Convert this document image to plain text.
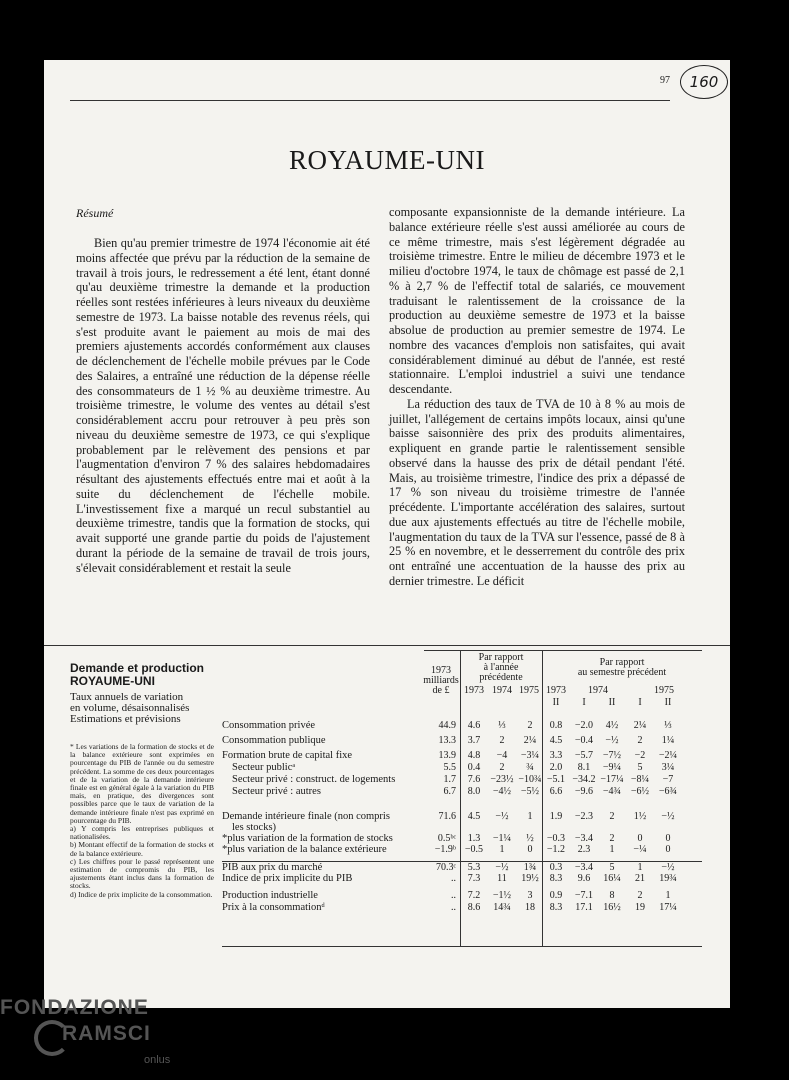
97	160
ROYAUME-UNI
Résumé

Bien qu'au premier trimestre de 1974 l'économie ait été moins affectée que prévu par la réduction de la semaine de travail à trois jours, le redressement a été lent, étant donné qu'au deuxième trimestre la demande et la production réelles sont restées inférieures à leurs niveaux du deuxième semestre de 1973. La baisse notable des revenus réels, qui s'est produite avant le paiement au mois de mai des premiers ajustements accordés conformément aux clauses de déclenchement de l'échelle mobile prévues par le Code des Salaires, a entraîné une réduction de la dépense réelle des consommateurs de 1 ½ % au deuxième trimestre. Au troisième trimestre, le volume des ventes au détail s'est considérablement accru pour retrouver à peu près son niveau du deuxième semestre de 1973, ce qui s'explique probablement par le relèvement des pensions et par l'augmentation d'environ 7 % des salaires hebdomadaires résultant des ajustements effectués entre mai et août à la suite du déclenchement de l'échelle mobile. L'investissement fixe a marqué un recul substantiel au deuxième trimestre, tandis que la formation de stocks, qui avait supporté une grande partie du poids de l'ajustement durant la période de la semaine de travail de trois jours, s'élevait considérablement et restait la seule

composante expansionniste de la demande intérieure. La balance extérieure réelle s'est aussi améliorée au cours de ce même trimestre, mais s'est légèrement dégradée au troisième trimestre. Entre le milieu de décembre 1973 et le milieu d'octobre 1974, le taux de chômage est passé de 2,1 % à 2,7 % de l'effectif total de salariés, ce mouvement traduisant le ralentissement de la croissance de la production au deuxième semestre de 1973 et la baisse absolue de production au premier semestre de 1974. Le nombre des vacances d'emplois non satisfaites, qui avait considérablement diminué au début de l'année, est resté stationnaire. L'emploi industriel a suivi une tendance descendante.

La réduction des taux de TVA de 10 à 8 % au mois de juillet, l'allégement de certains impôts locaux, ainsi qu'une baisse saisonnière des prix des produits alimentaires, expliquent en grande partie le ralentissement sensible observé dans la hausse des prix de détail pendant l'été. Mais, au troisième trimestre, l'indice des prix a dépassé de 17 % son niveau du troisième trimestre de l'année précédente. L'importante accélération des salaires, surtout due aux ajustements effectués au titre de l'échelle mobile, l'augmentation du taux de la TVA sur l'essence, passé de 8 à 25 % en novembre, et le desserrement du contrôle des prix ont entraîné une accentuation de la hausse des prix au dernier trimestre. Le déficit

Demande et production
ROYAUME-UNI
Taux annuels de variation
en volume, désaisonnalisés
Estimations et prévisions

* Les variations de la formation de stocks et de la balance extérieure sont exprimées en pourcentage du PIB de l'année ou du semestre précédent. La somme de ces deux pourcentages et de la variation de la demande intérieure finale est en général égale à la variation du PIB mais, en pratique, des divergences sont possibles parce que le taux de variation de la demande intérieure finale n'est pas exprimé en pourcentage du PIB.

a) Y compris les entreprises publiques et nationalisées.

b) Montant effectif de la formation de stocks et de la balance extérieure.

c) Les chiffres pour le passé représentent une estimation de compromis du PIB, les ajustements étant inclus dans la formation de stocks.

d) Indice de prix implicite de la consommation.

1973
milliards
de £
Par rapport
à l'année
précédente
Par rapport
au semestre précédent
1973 1974 1975 1973	1974	1975
II	I	II	I	II
Consommation privée	44.9	4.6	⅓	2	0.8	−2.0	4½	2¼	⅓
Consommation publique	13.3	3.7	2	2¼	4.5	−0.4	−½	2	1¼
Formation brute de capital fixe	13.9	4.8	−4	−3¼	3.3	−5.7 −7½	−2	−2¼
Secteur publicᵃ	5.5	0.4	2	¾	2.0	8.1	−9¼	5	3¼
Secteur privé : construct. de logements	1.7	7.6	−23½ −10¾ −5.1 −34.2 −17¼ −8¼	−7
Secteur privé : autres	6.7	8.0	−4½ −5½	6.6	−9.6 −4¾ −6½ −6¾
Demande intérieure finale (non compris	71.6	4.5	−½	1	1.9	−2.3	2	1½	−½
les stocks)
*plus variation de la formation de stocks	0.5ᵇᶜ	1.3	−1¼	½	−0.3 −3.4	2	0	0
*plus variation de la balance extérieure	−1.9ᵇ −0.5	1	0	−1.2	2.3	1	−¼	0
PIB aux prix du marché	70.3ᶜ	5.3	−½	1¾	0.3	−3.4	5	1	−½
Indice de prix implicite du PIB	..	7.3	11	19½	8.3	9.6	16¼	21	19¾
Production industrielle	..	7.2	−1½	3	0.9	−7.1	8	2	1
Prix à la consommationᵈ	..	8.6	14¾	18	8.3	17.1	16½	19	17¼
FONDAZIONE
RAMSCI
onlus
